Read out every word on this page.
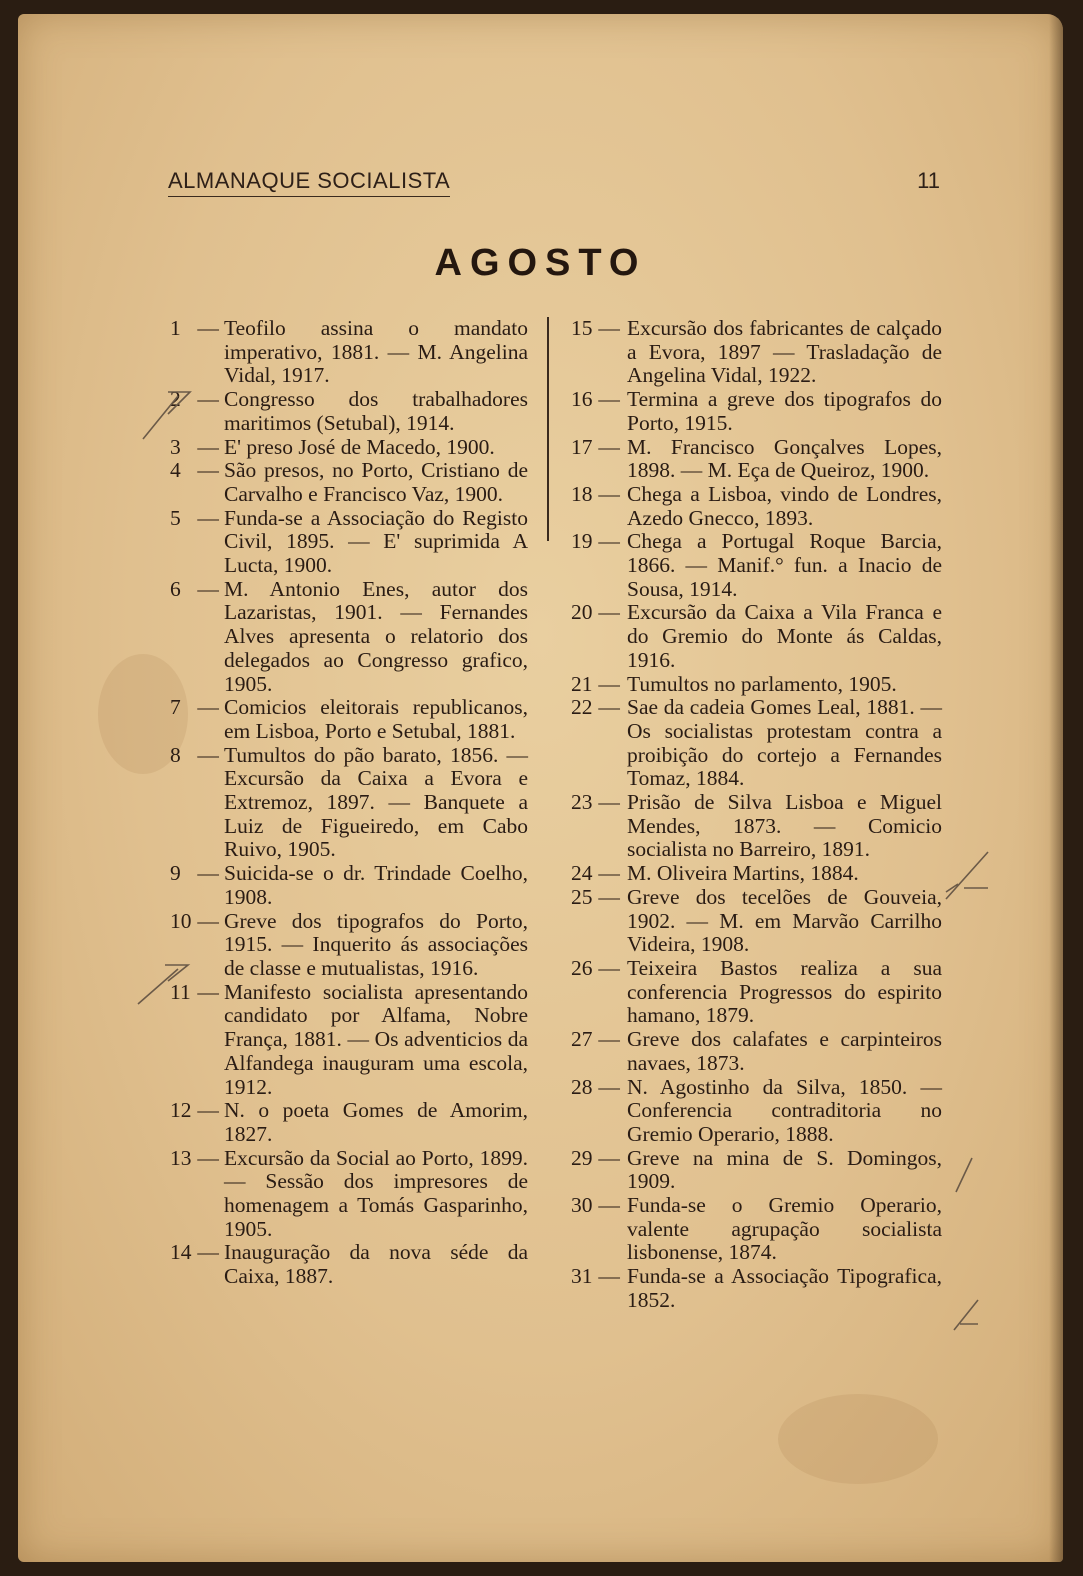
ALMANAQUE SOCIALISTA	11
AGOSTO
1 — Teofilo assina o mandato imperativo, 1881. — M. Angelina Vidal, 1917.
2 — Congresso dos trabalhadores maritimos (Setubal), 1914.
3 — E' preso José de Macedo, 1900.
4 — São presos, no Porto, Cristiano de Carvalho e Francisco Vaz, 1900.
5 — Funda-se a Associação do Registo Civil, 1895. — E' suprimida A Lucta, 1900.
6 — M. Antonio Enes, autor dos Lazaristas, 1901. — Fernandes Alves apresenta o relatorio dos delegados ao Congresso grafico, 1905.
7 — Comicios eleitorais republicanos, em Lisboa, Porto e Setubal, 1881.
8 — Tumultos do pão barato, 1856. — Excursão da Caixa a Evora e Extremoz, 1897. — Banquete a Luiz de Figueiredo, em Cabo Ruivo, 1905.
9 — Suicida-se o dr. Trindade Coelho, 1908.
10 — Greve dos tipografos do Porto, 1915. — Inquerito ás associações de classe e mutualistas, 1916.
11 — Manifesto socialista apresentando candidato por Alfama, Nobre França, 1881. — Os adventicios da Alfandega inauguram uma escola, 1912.
12 — N. o poeta Gomes de Amorim, 1827.
13 — Excursão da Social ao Porto, 1899. — Sessão dos impresores de homenagem a Tomás Gasparinho, 1905.
14 — Inauguração da nova séde da Caixa, 1887.
15 — Excursão dos fabricantes de calçado a Evora, 1897 — Trasladação de Angelina Vidal, 1922.
16 — Termina a greve dos tipografos do Porto, 1915.
17 — M. Francisco Gonçalves Lopes, 1898. — M. Eça de Queiroz, 1900.
18 — Chega a Lisboa, vindo de Londres, Azedo Gnecco, 1893.
19 — Chega a Portugal Roque Barcia, 1866. — Manif.° fun. a Inacio de Sousa, 1914.
20 — Excursão da Caixa a Vila Franca e do Gremio do Monte ás Caldas, 1916.
21 — Tumultos no parlamento, 1905.
22 — Sae da cadeia Gomes Leal, 1881. — Os socialistas protestam contra a proibição do cortejo a Fernandes Tomaz, 1884.
23 — Prisão de Silva Lisboa e Miguel Mendes, 1873. — Comicio socialista no Barreiro, 1891.
24 — M. Oliveira Martins, 1884.
25 — Greve dos tecelões de Gouveia, 1902. — M. em Marvão Carrilho Videira, 1908.
26 — Teixeira Bastos realiza a sua conferencia Progressos do espirito hamano, 1879.
27 — Greve dos calafates e carpinteiros navaes, 1873.
28 — N. Agostinho da Silva, 1850. — Conferencia contraditoria no Gremio Operario, 1888.
29 — Greve na mina de S. Domingos, 1909.
30 — Funda-se o Gremio Operario, valente agrupação socialista lisbonense, 1874.
31 — Funda-se a Associação Tipografica, 1852.
